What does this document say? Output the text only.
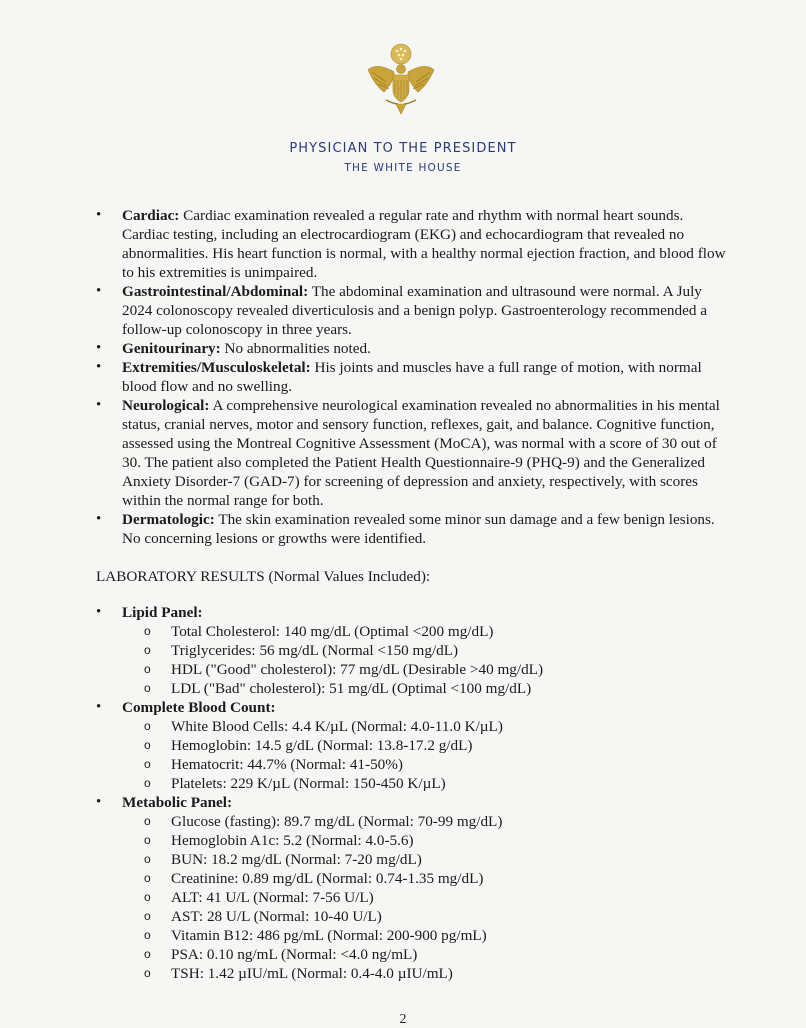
PHYSICIAN TO THE PRESIDENT
THE WHITE HOUSE
• Cardiac: Cardiac examination revealed a regular rate and rhythm with normal heart sounds. Cardiac testing, including an electrocardiogram (EKG) and echocardiogram that revealed no abnormalities. His heart function is normal, with a healthy normal ejection fraction, and blood flow to his extremities is unimpaired.
• Gastrointestinal/Abdominal: The abdominal examination and ultrasound were normal. A July 2024 colonoscopy revealed diverticulosis and a benign polyp. Gastroenterology recommended a follow-up colonoscopy in three years.
• Genitourinary: No abnormalities noted.
• Extremities/Musculoskeletal: His joints and muscles have a full range of motion, with normal blood flow and no swelling.
• Neurological: A comprehensive neurological examination revealed no abnormalities in his mental status, cranial nerves, motor and sensory function, reflexes, gait, and balance. Cognitive function, assessed using the Montreal Cognitive Assessment (MoCA), was normal with a score of 30 out of 30. The patient also completed the Patient Health Questionnaire-9 (PHQ-9) and the Generalized Anxiety Disorder-7 (GAD-7) for screening of depression and anxiety, respectively, with scores within the normal range for both.
• Dermatologic: The skin examination revealed some minor sun damage and a few benign lesions. No concerning lesions or growths were identified.
LABORATORY RESULTS (Normal Values Included):
• Lipid Panel:
o Total Cholesterol: 140 mg/dL (Optimal <200 mg/dL)
o Triglycerides: 56 mg/dL (Normal <150 mg/dL)
o HDL ("Good" cholesterol): 77 mg/dL (Desirable >40 mg/dL)
o LDL ("Bad" cholesterol): 51 mg/dL (Optimal <100 mg/dL)
• Complete Blood Count:
o White Blood Cells: 4.4 K/µL (Normal: 4.0-11.0 K/µL)
o Hemoglobin: 14.5 g/dL (Normal: 13.8-17.2 g/dL)
o Hematocrit: 44.7% (Normal: 41-50%)
o Platelets: 229 K/µL (Normal: 150-450 K/µL)
• Metabolic Panel:
o Glucose (fasting): 89.7 mg/dL (Normal: 70-99 mg/dL)
o Hemoglobin A1c: 5.2 (Normal: 4.0-5.6)
o BUN: 18.2 mg/dL (Normal: 7-20 mg/dL)
o Creatinine: 0.89 mg/dL (Normal: 0.74-1.35 mg/dL)
o ALT: 41 U/L (Normal: 7-56 U/L)
o AST: 28 U/L (Normal: 10-40 U/L)
o Vitamin B12: 486 pg/mL (Normal: 200-900 pg/mL)
o PSA: 0.10 ng/mL (Normal: <4.0 ng/mL)
o TSH: 1.42 µIU/mL (Normal: 0.4-4.0 µIU/mL)
2
